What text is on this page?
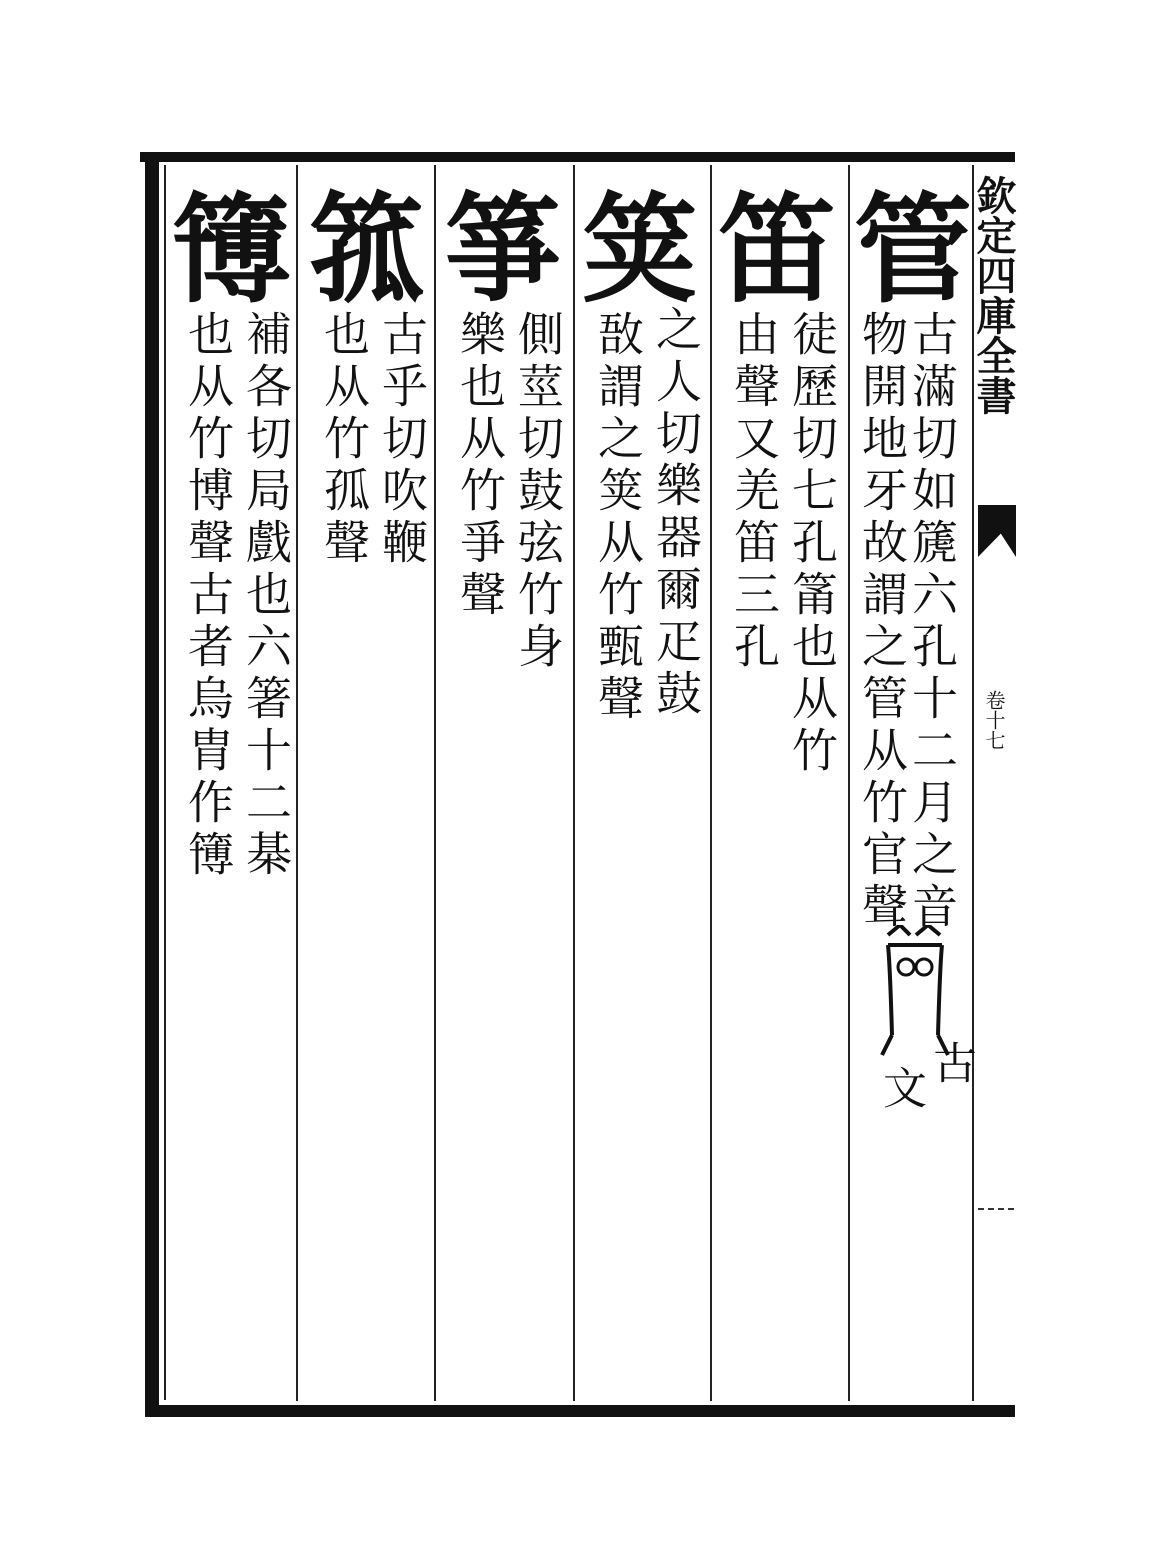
欽定四庫全書
卷十七
管
古滿切如篪六孔十二月之音
物開地牙故謂之管从竹官聲
古
文
笛
徒歷切七孔筩也从竹
由聲又羌笛三孔
䇲
之人切樂器爾疋鼓
敔謂之䇲从竹甄聲
箏
側莖切鼓弦竹身
樂也从竹爭聲
箛
古乎切吹鞭
也从竹孤聲
簙
補各切局戲也六箸十二棊
也从竹博聲古者烏胄作簙
